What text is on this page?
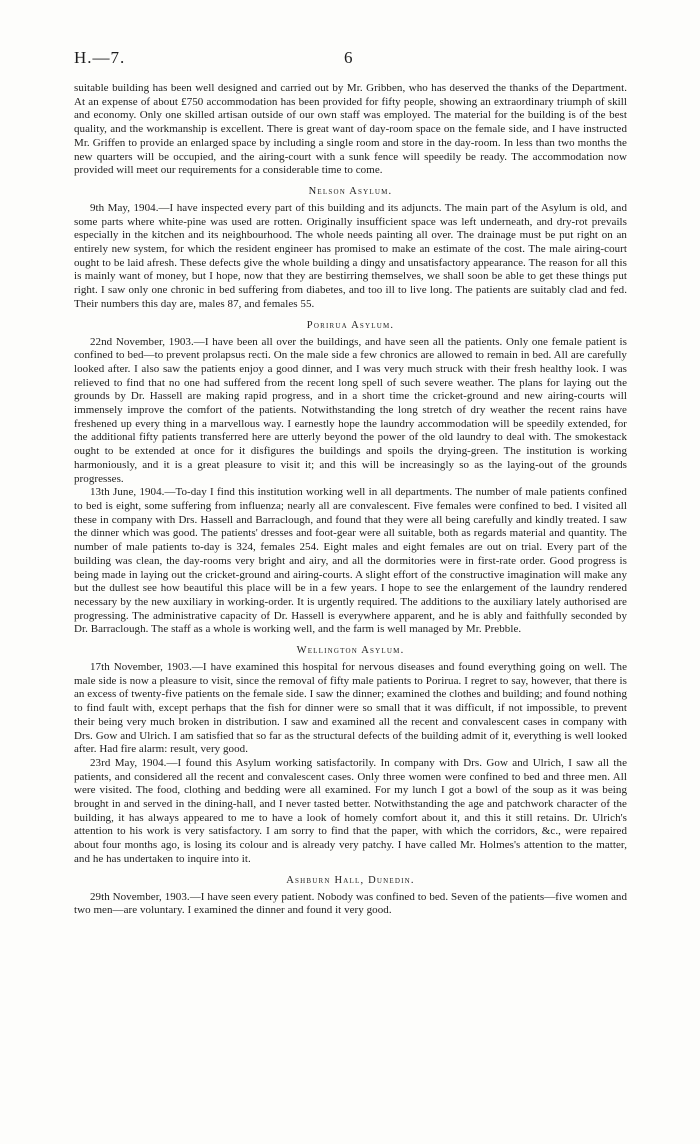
H.—7.	6

suitable building has been well designed and carried out by Mr. Gribben, who has deserved the thanks of the Department. At an expense of about £750 accommodation has been provided for fifty people, showing an extraordinary triumph of skill and economy. Only one skilled artisan outside of our own staff was employed. The material for the building is of the best quality, and the workmanship is excellent. There is great want of day-room space on the female side, and I have instructed Mr. Griffen to provide an enlarged space by including a single room and store in the day-room. In less than two months the new quarters will be occupied, and the airing-court with a sunk fence will speedily be ready. The accommodation now provided will meet our requirements for a considerable time to come.

Nelson Asylum.

9th May, 1904.—I have inspected every part of this building and its adjuncts. The main part of the Asylum is old, and some parts where white-pine was used are rotten. Originally insufficient space was left underneath, and dry-rot prevails especially in the kitchen and its neighbourhood. The whole needs painting all over. The drainage must be put right on an entirely new system, for which the resident engineer has promised to make an estimate of the cost. The male airing-court ought to be laid afresh. These defects give the whole building a dingy and unsatisfactory appearance. The reason for all this is mainly want of money, but I hope, now that they are bestirring themselves, we shall soon be able to get these things put right. I saw only one chronic in bed suffering from diabetes, and too ill to live long. The patients are suitably clad and fed. Their numbers this day are, males 87, and females 55.

Porirua Asylum.

22nd November, 1903.—I have been all over the buildings, and have seen all the patients. Only one female patient is confined to bed—to prevent prolapsus recti. On the male side a few chronics are allowed to remain in bed. All are carefully looked after. I also saw the patients enjoy a good dinner, and I was very much struck with their fresh healthy look. I was relieved to find that no one had suffered from the recent long spell of such severe weather. The plans for laying out the grounds by Dr. Hassell are making rapid progress, and in a short time the cricket-ground and new airing-courts will immensely improve the comfort of the patients. Notwithstanding the long stretch of dry weather the recent rains have freshened up every thing in a marvellous way. I earnestly hope the laundry accommodation will be speedily extended, for the additional fifty patients transferred here are utterly beyond the power of the old laundry to deal with. The smokestack ought to be extended at once for it disfigures the buildings and spoils the drying-green. The institution is working harmoniously, and it is a great pleasure to visit it; and this will be increasingly so as the laying-out of the grounds progresses.

13th June, 1904.—To-day I find this institution working well in all departments. The number of male patients confined to bed is eight, some suffering from influenza; nearly all are convalescent. Five females were confined to bed. I visited all these in company with Drs. Hassell and Barraclough, and found that they were all being carefully and kindly treated. I saw the dinner which was good. The patients' dresses and foot-gear were all suitable, both as regards material and quantity. The number of male patients to-day is 324, females 254. Eight males and eight females are out on trial. Every part of the building was clean, the day-rooms very bright and airy, and all the dormitories were in first-rate order. Good progress is being made in laying out the cricket-ground and airing-courts. A slight effort of the constructive imagination will make any but the dullest see how beautiful this place will be in a few years. I hope to see the enlargement of the laundry rendered necessary by the new auxiliary in working-order. It is urgently required. The additions to the auxiliary lately authorised are progressing. The administrative capacity of Dr. Hassell is everywhere apparent, and he is ably and faithfully seconded by Dr. Barraclough. The staff as a whole is working well, and the farm is well managed by Mr. Prebble.

Wellington Asylum.

17th November, 1903.—I have examined this hospital for nervous diseases and found everything going on well. The male side is now a pleasure to visit, since the removal of fifty male patients to Porirua. I regret to say, however, that there is an excess of twenty-five patients on the female side. I saw the dinner; examined the clothes and building; and found nothing to find fault with, except perhaps that the fish for dinner were so small that it was difficult, if not impossible, to prevent their being very much broken in distribution. I saw and examined all the recent and convalescent cases in company with Drs. Gow and Ulrich. I am satisfied that so far as the structural defects of the building admit of it, everything is well looked after. Had fire alarm: result, very good.

23rd May, 1904.—I found this Asylum working satisfactorily. In company with Drs. Gow and Ulrich, I saw all the patients, and considered all the recent and convalescent cases. Only three women were confined to bed and three men. All were visited. The food, clothing and bedding were all examined. For my lunch I got a bowl of the soup as it was being brought in and served in the dining-hall, and I never tasted better. Notwithstanding the age and patchwork character of the building, it has always appeared to me to have a look of homely comfort about it, and this it still retains. Dr. Ulrich's attention to his work is very satisfactory. I am sorry to find that the paper, with which the corridors, &c., were repaired about four months ago, is losing its colour and is already very patchy. I have called Mr. Holmes's attention to the matter, and he has undertaken to inquire into it.

Ashburn Hall, Dunedin.

29th November, 1903.—I have seen every patient. Nobody was confined to bed. Seven of the patients—five women and two men—are voluntary. I examined the dinner and found it very good.
